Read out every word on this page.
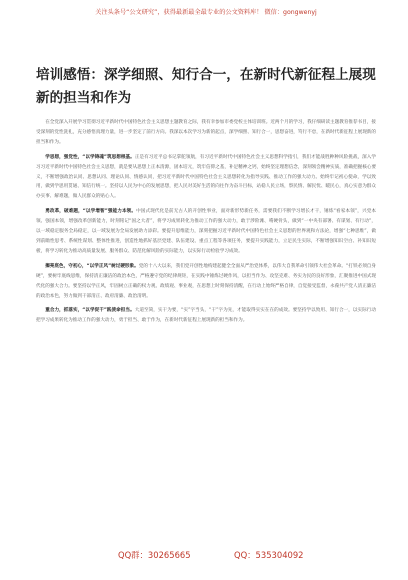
关注头条号“公文研究”，获得最新最全最专业的公文资料库！ 微信：gongwenyj
培训感悟：深学细照、知行合一，在新时代新征程上展现新的担当和作为

在全党深入开展学习贯彻习近平新时代中国特色社会主义思想主题教育之际，我有幸参加市委党校主体培训班。近两个月的学习，我仔细研读主题教育推荐书目，接受深刻的党性洗礼，充分感悟真理力量，进一步坚定了前行方向。我深以本次学习为新的起点，深学细照、知行合一，思想奋进，笃行不怠，在新时代新征程上展现新的担当和作为。

学思想，强党性，“以学铸魂”筑思想根基。正是有习近平总书记掌舵领航，有习近平新时代中国特色社会主义思想科学指引，我们才能战胜种种风险挑战，深入学习习近平新时代中国特色社会主义思想，就是要从思想上正本清源，固本培元，筑牢信仰之基，补足精神之钙，始终坚定理想信念，深刻领会精神实质，准确把握核心要义，不断增强政治认同、思想认同、理论认同、情感认同，把习近平新时代中国特色社会主义思想转化为指导实践、推动工作的强大动力。始终牢记初心使命，学以致用，做到学思用贯通、知信行统一。坚持以人民为中心的发展思想，把人民对美好生活的向往作为奋斗目标，站稳人民立场，察民情、解民忧、暖民心，真心实意为群众办实事、解难题，做人民群众的贴心人。

勇改革，破难题，“以学增智”强能力本领。中国式现代化是前无古人的开创性事业，面对新形势新任务，需要我们不断学习增长才干，锤炼“看家本领”，兴党本领、强国本领，增强改革创新能力，时刻铭记“国之大者”，将学习成果转化为推动工作的强大动力，敢于涉险滩、啃硬骨头，做到“一中央有部署、有谋划、有行动”，以一域稳定服务全局稳定，以一域发展为全局发展助力添彩。要提升思维能力，深刻把握习近平新时代中国特色社会主义思想的世界观和方法论，增强“七种思维”，做到前瞻性思考、系统性谋划、整体性推进，创造性地抓好基层党建、队伍建设、重点工程等各项任务，要提升实践能力，立足民生实际，不断增强知识空白、补知识短板，将学习转化为推动高质量发展、服务群众、防范化解风险的实际能力，以实际行动检验学习成效。

擦亮底色，守初心，“以学正风”树过硬形象。党的十八大以来，我们党开创性地构建起健全全面从严治党体系，以伟大自我革命引领伟大社会革命。“打铁必须自身硬”，要树牢底线思维，保持清正廉洁的政治本色，严格遵守党的纪律规矩，在实践中锤炼过硬作风，以担当作为、攻坚克难、务实为民的良好形象，汇聚推进中国式现代化的强大合力。要坚持以学正风，牢固树立正确的权力观、政绩观、事业观，在思想上时刻保持清醒，在行动上始终严格自律，自觉接受监督，永葆共产党人清正廉洁的政治本色，努力做到干部清正、政府清廉、政治清明。

重合力，抓落实，“以学促干”践使命担当。大道至简，实干为要，“实”字当头，“干”字为先，才能取得实实在在的成效。要坚持学以致用、知行合一，以实际行动把学习成果转化为推动工作的强大动力，勇于担当、敢于作为，在新时代新征程上展现新的担当和作为。

QQ群：30265665	QQ：535304092
